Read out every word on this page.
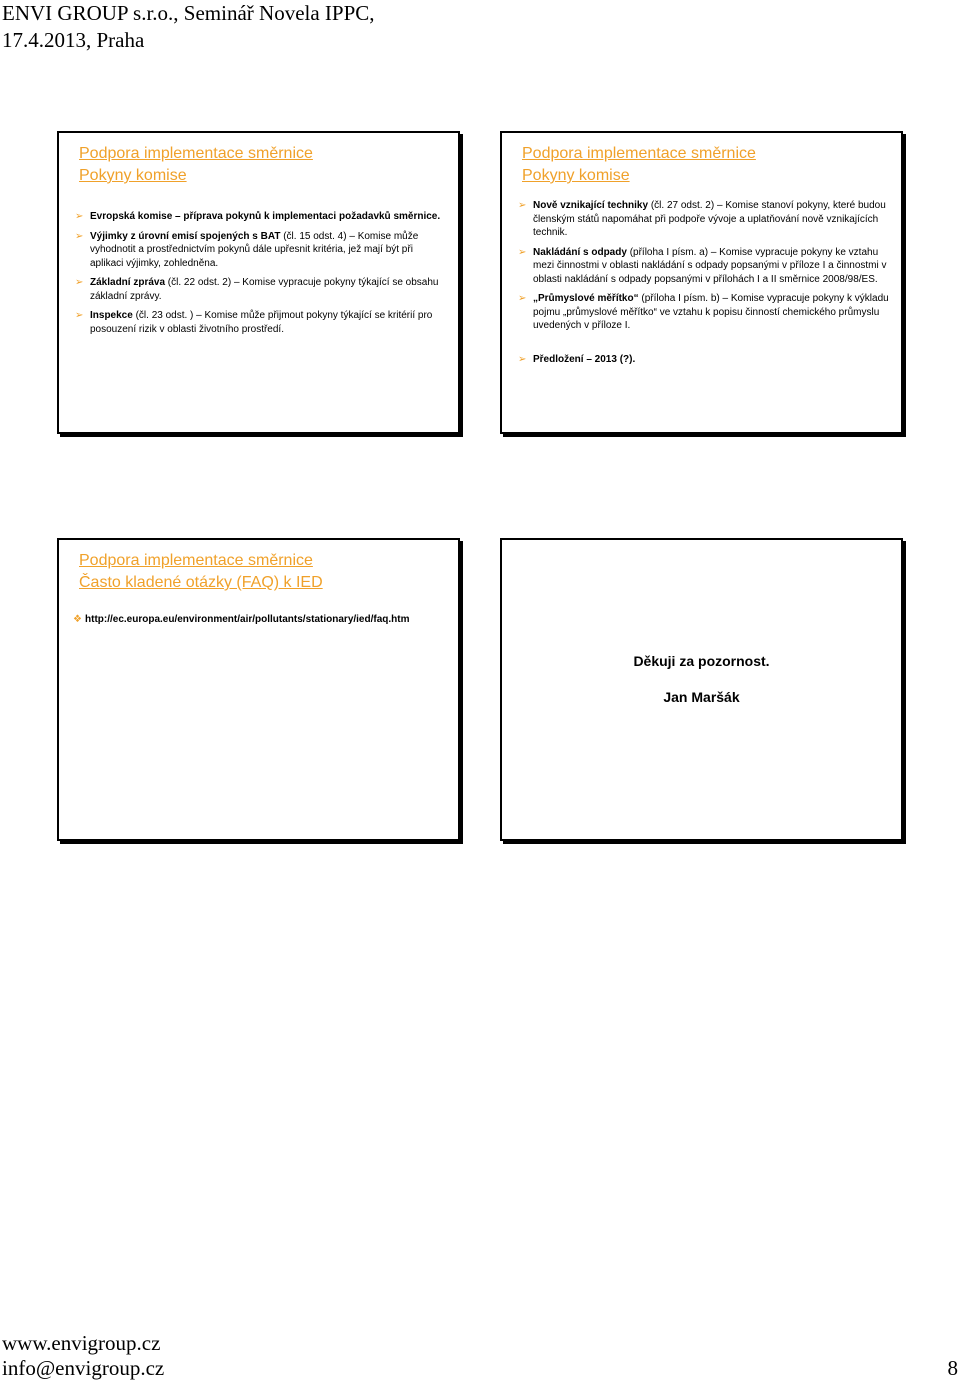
ENVI GROUP s.r.o., Seminář Novela IPPC,
17.4.2013, Praha
Podpora implementace směrnice
Pokyny komise
➢ Evropská komise – příprava pokynů k implementaci požadavků směrnice.
➢ Výjimky z úrovní emisí spojených s BAT (čl. 15 odst. 4) – Komise může vyhodnotit a prostřednictvím pokynů dále upřesnit kritéria, jež mají být při aplikaci výjimky, zohledněna.
➢ Základní zpráva (čl. 22 odst. 2) – Komise vypracuje pokyny týkající se obsahu základní zprávy.
➢ Inspekce (čl. 23 odst. ) – Komise může přijmout pokyny týkající se kritérií pro posouzení rizik v oblasti životního prostředí.
Podpora implementace směrnice
Pokyny komise
➢ Nově vznikající techniky (čl. 27 odst. 2) – Komise stanoví pokyny, které budou členským států napomáhat při podpoře vývoje a uplatňování nově vznikajících technik.
➢ Nakládání s odpady (příloha I písm. a) – Komise vypracuje pokyny ke vztahu mezi činnostmi v oblasti nakládání s odpady popsanými v příloze I a činnostmi v oblasti nakládání s odpady popsanými v přílohách I a II směrnice 2008/98/ES.
➢ „Průmyslové měřítko“ (příloha I písm. b) – Komise vypracuje pokyny k výkladu pojmu „průmyslové měřítko“ ve vztahu k popisu činností chemického průmyslu uvedených v příloze I.
➢ Předložení – 2013 (?).
Podpora implementace směrnice
Často kladené otázky (FAQ) k IED
❖ http://ec.europa.eu/environment/air/pollutants/stationary/ied/faq.htm
Děkuji za pozornost.
Jan Maršák
www.envigroup.cz
info@envigroup.cz	8
